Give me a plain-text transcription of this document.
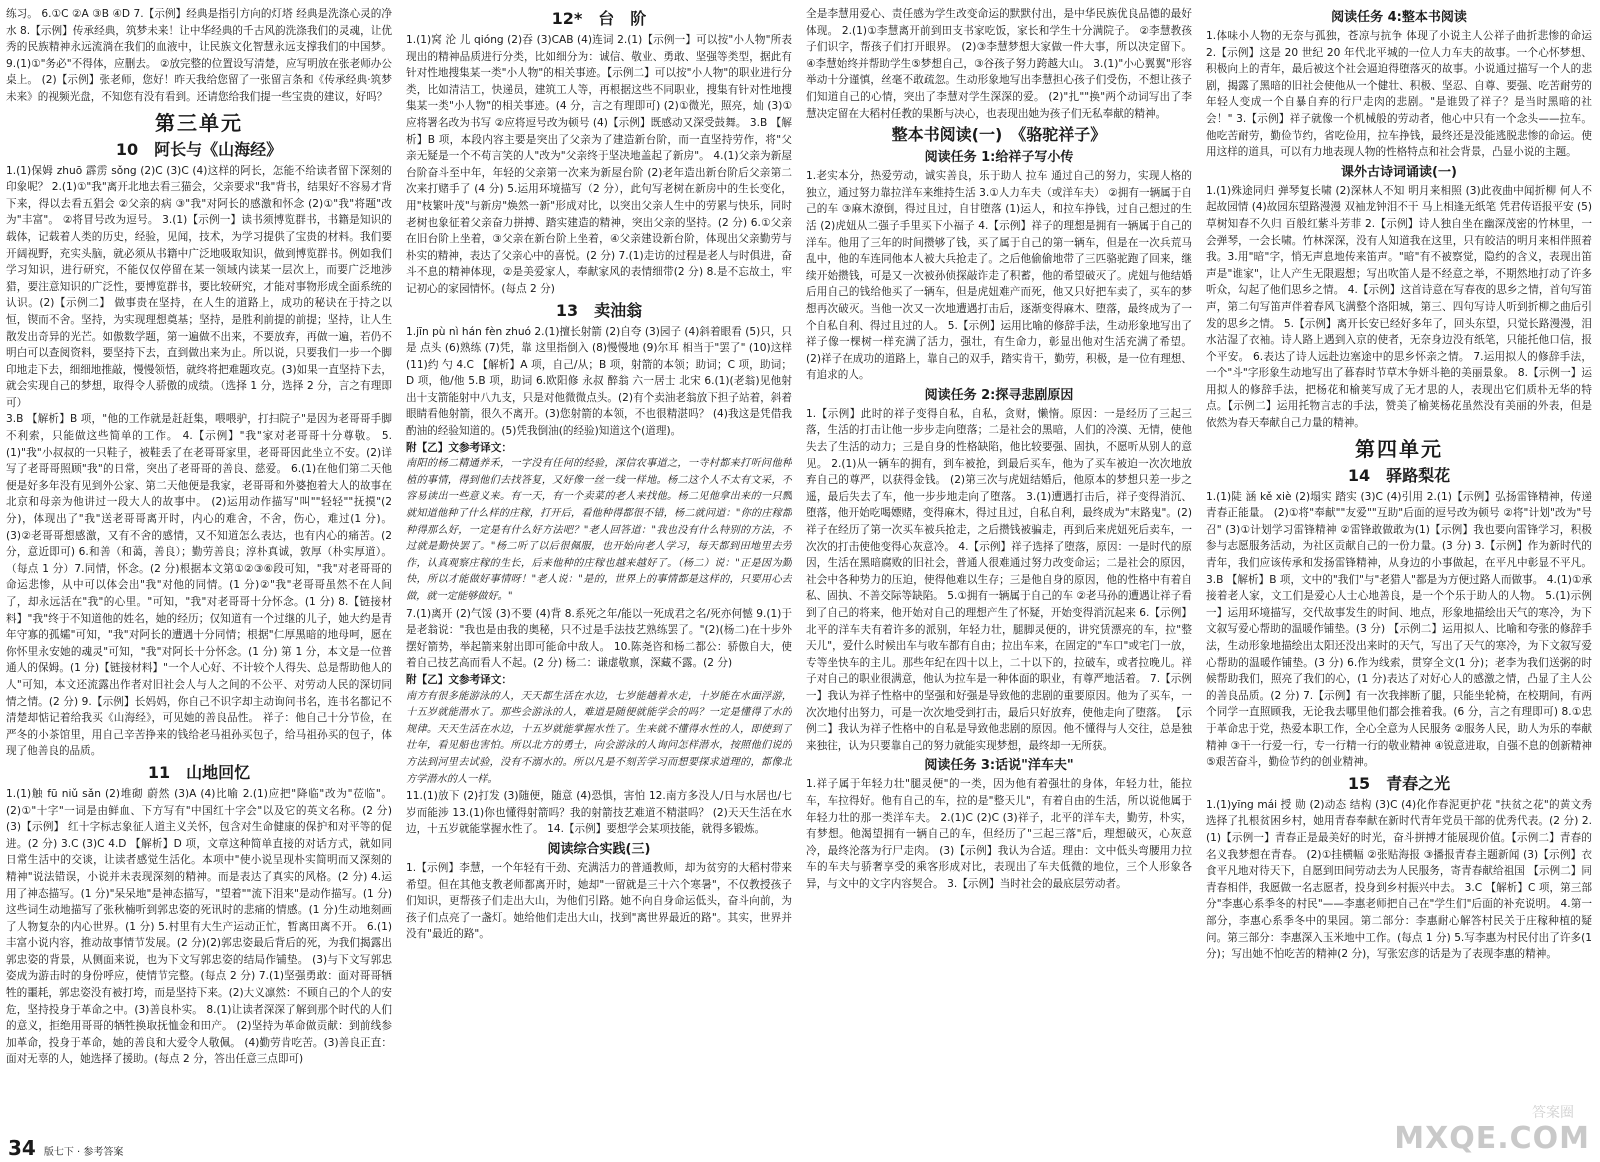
练习。 6.①C ②A ③B ④D 7.【示例】经典是指引方向的灯塔 经典是洗涤心灵的净水 8.【示例】传承经典，筑梦未来！让中华经典的千古风韵洗涤我们的灵魂，让优秀的民族精神永远流淌在我们的血液中，让民族文化智慧永远支撑我们的中国梦。 9.(1)①"务必"不得体，应删去。 ②放完整的位置设写清楚，应写明放在张老师办公桌上。 (2)【示例】张老师，您好！昨天我给您留了一张留言条和《传承经典·筑梦未来》的视频光盘，不知您有没有看到。还请您给我们提一些宝贵的建议，好吗？

第三单元
10　阿长与《山海经》

1.(1)保姆 zhuō 霹雳 sǒng (2)C (3)C (4)这样的阿长，怎能不给读者留下深刻的印象呢？ 2.(1)①"我"离开北地去看三猫会，父亲要求"我"背书，结果好不容易才背下来，得以去看五猖会 ②父亲的病 ③"我"对阿长的感激和怀念 (2)①"我"将题"改为"丰富"。 ②将冒号改为逗号。 3.(1)【示例一】读书须博览群书，书籍是知识的载体，记载着人类的历史，经验，见闻，技术，为学习提供了宝贵的材料。我们要开阔视野，充实头脑，就必须从书籍中广泛地吸取知识，做到博览群书。例如我们学习知识，进行研究，不能仅仅停留在某一领域内读某一层次上，而要广泛地涉猎，要注意知识的广泛性，要博览群书，要比较研究，才能对事物形成全面系统的认识。(2)【示例二】 做事贵在坚持，在人生的道路上，成功的秘诀在于持之以恒，锲而不舍。坚持，为实现理想奠基；坚持，是胜利前提的前提；坚持，让人生散发出奇异的光芒。如傲数学题，第一遍做不出来，不要放弃，再做一遍，若仍不明白可以查阅资料，要坚持下去，直到做出来为止。所以说，只要我们一步一个脚印地走下去，细细地推敲，慢慢领悟，就终将把难题攻克。(3)如果一直坚持下去，就会实现自己的梦想，取得令人骄傲的成绩。（选择 1 分，选择 2 分，言之有理即可）

3.B 【解析】B 项，"他的工作就是赶赶集，喂喂驴，打扫院子"是因为老哥哥手脚不利索，只能做这些简单的工作。 4.【示例】"我"家对老哥哥十分尊敬。 5.(1)"我"小叔叔的一只鞋子，被鞋丢了在老哥哥家里，老哥哥因此坐立不安。(2)详写了老哥哥照顾"我"的日常，突出了老哥哥的善良、慈爱。 6.(1)在他们第二天他便是好多年没有见到外公家、第二天他便是我家，老哥哥和外婆抱着大人的故事在北京和母亲为他讲过一段大人的故事中。 (2)运用动作描写"叫""轻轻""抚摸"(2 分)，体现出了"我"送老哥哥离开时，内心的难舍，不舍，伤心，难过(1 分)。 (3)②老哥哥想感激，又有不舍的感情，又不知道怎么表达，也有内心的痛苦。(2 分，意近即可) 6.和善（和蔼，善良）；勤劳善良；淳朴真诚，敦厚（朴实厚道）。（每点 1 分）7.同情，怀念。(2 分)根据本文第①②③⑥段可知，"我"对老哥哥的命运悲惨，从中可以体会出"我"对他的同情。(1 分)②"我"老哥哥虽然不在人间了，却永远活在"我"的心里。"可知，"我"对老哥哥十分怀念。(1 分) 8.【链接材料】"我"终于不知道他的姓名，她的经历；仅知道有一个过继的儿子，她大约是青年守寡的孤孀"可知，"我"对阿长的遭遇十分同情；根据"仁厚黑暗的地母呵，愿在你怀里永安她的魂灵"可知，"我"对阿长十分怀念。(1 分) 第 1 分，本文是一位普通人的保姆。(1 分)【链接材料】"一个人心好、不计较个人得失、总是帮助他人的人"可知，本文还流露出作者对旧社会人与人之间的不公平、对劳动人民的深切同情之情。(2 分) 9.【示例】长妈妈，你自己不识字却主动询问书名，连书名都记不清楚却惦记着给我买《山海经》，可见她的善良品性。 祥子：他自己十分节俭，在严冬的小茶馆里，用自己辛苦挣来的钱给老马祖孙买包子，给马祖孙买的包子，体现了他善良的品质。

11　山地回忆

1.(1)触 fū niǔ sǎn (2)堆砌 蔚然 (3)A (4)比喻 2.(1)应把"降临"改为"莅临"。 (2)①"十字"一词是由鲜血、下方写有"中国红十字会"以及它的英文名称。(2 分) (3)【示例】 红十字标志象征人道主义关怀，包含对生命健康的保护和对平等的促进。(2 分) 3.C (3)C 4.D 【解析】D 项，文章这种简单直接的对话方式，就如同日常生活中的交谈，让读者感觉生活化。本项中"使小说呈现朴实简明而又深刻的精神"说法错误，小说并未表现深刻的精神。而是表达了真实的风格。(2 分) 4.运用了神态描写。(1 分)"呆呆地"是神态描写，"望着""流下泪来"是动作描写。(1 分)这些词生动地描写了张秋楠听到郭忠姿的死讯时的悲痛的情感。(1 分)生动地刻画了人物复杂的内心世界。(1 分) 5.村里有大生产运动正忙，暂离田离不开。 6.(1)丰富小说内容，推动故事情节发展。(2 分)(2)郭忠姿最后背后的死，为我们揭露出郭忠姿的背景，从侧面来说，也为下文写郭忠姿的结局作铺垫。 (3)与下文写郭忠姿成为游击时的身份呼应，使情节完整。(每点 2 分) 7.(1)坚强勇敢：面对哥哥牺牲的噩耗，郭忠姿没有被打垮，而是坚持下来。(2)大义凛然：不顾自己的个人的安危，坚持投身于革命之中。(3)善良朴实。 8.(1)让读者深深了解到那个时代的人们的意义，拒绝用哥哥的牺牲换取抚恤金和田产。 (2)坚持为革命做贡献：到前线参加革命，投身于革命，她的善良和大爱令人敬佩。 (4)勤劳肯吃苦。(3)善良正直：面对无辜的人，她选择了援助。(每点 2 分，答出任意三点即可)

12*　台　阶

1.(1)窝 沦 儿 qióng (2)吞 (3)CAB (4)连词 2.(1)【示例一】可以按"小人物"所表现出的精神品质进行分类，比如细分为：诚信、敬业、勇敢、坚强等类型，据此有针对性地搜集某一类"小人物"的相关事迹。【示例二】可以按"小人物"的职业进行分类，比如清洁工，快递员，建筑工人等，再根据这些不同职业，搜集有针对性地搜集某一类"小人物"的相关事迹。(4 分，言之有理即可) (2)①微光，照亮，灿 (3)①应将署名改为书写 ②应将逗号改为顿号 (4)【示例】既感动又深受鼓舞。 3.B 【解析】B 项，本段内容主要是突出了父亲为了建造新台阶，而一直坚持劳作，将"父亲无疑是一个不苟言笑的人"改为"父亲终于坚决地盖起了新房"。 4.(1)父亲为新屋台阶奋斗至中年，年轻的父亲第一次来为新屋台阶 (2)老年造出新台阶后父亲第二次来打赌手了 (4 分) 5.运用环境描写（2 分），此句写老树在新房中的生长变化，用"枝繁叶茂"与新房"焕然一新"形成对比，以突出父亲人生中的劳累与快乐，同时老树也象征着父亲奋力拼搏、踏实建造的精神，突出父亲的坚持。(2 分) 6.①父亲在旧台阶上坐着，③父亲在新台阶上坐着，④父亲建设新台阶，体现出父亲勤劳与朴实的精神，表达了父亲心中的喜悦。(2 分) 7.(1)走访的过程是老人与时俱进，奋斗不息的精神体现，②是美爱家人，奉献家风的表情细带(2 分) 8.是不忘故土，牢记初心的家园情怀。(每点 2 分)

13　卖油翁

1.jīn pù nì hán fèn zhuó 2.(1)擅长射箭 (2)自夸 (3)园子 (4)斜着眼看 (5)只，只是 点头 (6)熟练 (7)凭，靠 这里指倒入 (8)慢慢地 (9)尔耳 相当于"罢了" (10)这样 (11)约 勺 4.C 【解析】A 项，自己/从；B 项，射箭的本领；助词；C 项，助词；D 项，他/他 5.B 项，助词 6.欧阳修 永叔 醉翁 六一居士 北宋 6.(1)(老翁)见他射出十支箭能射中八九支，只是对他微微点头。(2)有个卖油老翁放下担子站着，斜着眼睛看他射箭，很久不离开。(3)您射箭的本领，不也很精湛吗？ (4)我这是凭借我酌油的经验知道的。(5)凭我倒油(的经验)知道这个(道理)。

附【乙】文参考译文：

南阳的杨二精通养禾，一字没有任何的经验，深信农事道之，一寺村都来打听问他种植的事情，得到他们去找答复，又好像一丝一线一样地。杨二这个人不太有文采，不容易读出一些意义来。有一天，有一个卖菜的老人来找他。杨二见他拿出来的一只瓢就知道他种了什么样的庄稼，打开后，看他种得都很不错，杨二就问道："你的庄稼都种得那么好，一定是有什么好方法吧？"老人回答道："我也没有什么特别的方法，不过就是勤快罢了。"杨二听了以后很佩服，也开始向老人学习，每天都到田地里去劳作，认真观察庄稼的生长，后来他种的庄稼也越来越好了。（杨二）说："正是因为勤快，所以才能做好事情呀！"老人说："是的，世界上的事情都是这样的，只要用心去做，就一定能够做好。"

7.(1)离开 (2)气馁 (3)不要 (4)背 8.系死之年/能以一死成君之名/死亦何憾 9.(1)于是老翁说："我也是由我的奥秘，只不过是手法技艺熟练罢了。"(2)(杨二)在十步外摆好箭势，举起箭来射出即可能命中敌人。 10.陈尧咨和杨二都公：骄傲自大，使着自己技艺高而看人不起。(2 分) 杨二：谦虚敬禀，深藏不露。(2 分)

附【乙】文参考译文：

南方有很多能游泳的人，天天都生活在水边，七岁能趟着水走，十岁能在水面浮游，十五岁就能潜水了。那些会游泳的人，难道是随便就能学会的吗？一定是懂得了水的规律。天天生活在水边，十五岁就能掌握水性了。生来就不懂得水性的人，即使到了壮年，看见船也害怕。所以北方的勇士，向会游泳的人询问怎样潜水，按照他们说的方法到河里去试验，没有不溺水的。所以凡是不刻苦学习而想要探求道理的，都像北方学潜水的人一样。

11.(1)放下 (2)打发 (3)随便，随意 (4)恐惧，害怕 12.南方多没人/日与水居也/七岁而能涉 13.(1)你也懂得射箭吗？我的射箭技艺难道不精湛吗？ (2)天天生活在水边，十五岁就能掌握水性了。 14.【示例】要想学会某项技能，就得多锻炼。

阅读综合实践(三)

1.【示例】李慧，一个年轻有干劲、充满活力的普通教师，却为贫穷的大稻村带来希望。但在其他支教老师都离开时，她却"一留就是三十六个寒暑"，不仅教授孩子们知识，更帮孩子们走出大山，为他们引路。她不向自身命运低头，奋斗向前，为孩子们点亮了一盏灯。她给他们走出大山，找到"离世界最近的路"。其实，世界并没有"最近的路"。

全是李慧用爱心、责任感为学生改变命运的默默付出，是中华民族优良品德的最好体现。 2.(1)①李慧离开前到田支书家吃饭，家长和学生十分满院子。 ②李慧教孩子们识字，帮孩子们打开眼界。 (2)③李慧梦想大家做一件大事，所以决定留下。 ④李慧始终并帮助学生⑤梦想自己，③谷孩子努力跨越大山。 3.(1)"小心翼翼"形容举动十分谨慎，丝毫不敢疏忽。生动形象地写出李慧担心孩子们受伤，不想让孩子们知道自己的心情，突出了李慧对学生深深的爱。 (2)"扎""换"两个动词写出了李慧决定留在大稻村任教的果断与决心，也表现出她为孩子们无私奉献的精神。

整本书阅读(一)　《骆驼祥子》
阅读任务 1:给祥子写小传

1.老实本分，热爱劳动，诚实善良，乐于助人 拉车 通过自己的努力，实现人格的独立，通过努力靠拉洋车来维持生活 3.①人力车夫（或洋车夫） ②拥有一辆属于自己的车 ③麻木潦倒，得过且过，自甘堕落 (1)运人，和拉车挣钱，过自己想过的生活 (2)虎妞从二强子手里买下小福子 4.【示例】祥子的理想是拥有一辆属于自己的洋车。他用了三年的时间攒够了钱，买了属于自己的第一辆车，但是在一次兵荒马乱中，他的车连同他本人被大兵抢走了。之后他偷偷地带了三匹骆驼跑了回来，继续开始攒钱，可是又一次被孙侦探敲诈走了积蓄，他的希望破灭了。虎妞与他结婚后用自己的钱给他买了一辆车，但是虎妞难产而死，他又只好把车卖了，买车的梦想再次破灭。当他一次又一次地遭遇打击后，逐渐变得麻木、堕落，最终成为了一个自私自利、得过且过的人。 5.【示例】运用比喻的修辞手法，生动形象地写出了祥子像一棵树一样充满了活力，强壮，有生命力，彰显出他对生活充满了希望。 (2)祥子在成功的道路上，靠自己的双手，踏实肯干，勤劳，积极，是一位有理想、有追求的人。

阅读任务 2:探寻悲剧原因

1.【示例】此时的祥子变得自私，自私，贪财，懒惰。原因：一是经历了三起三落，生活的打击让他一步步走向堕落；二是社会的黑暗，人们的冷漠、无情，使他失去了生活的动力；三是自身的性格缺陷，他比较要强、固执，不愿听从别人的意见。 2.(1)从一辆车的拥有，到车被抢，到最后买车，他为了买车被迫一次次地放弃自己的尊严，以获得金钱。 (2)第三次与虎妞结婚后，他原本的梦想只差一步之遥，最后失去了车，他一步步地走向了堕落。 3.(1)遭遇打击后，祥子变得消沉、堕落，他开始吃喝嫖赌，变得麻木，得过且过，自私自利，最终成为"末路鬼"。(2)祥子在经历了第一次买车被兵抢走，之后攒钱被骗走，再到后来虎妞死后卖车，一次次的打击使他变得心灰意冷。 4.【示例】祥子选择了堕落，原因：一是时代的原因，生活在黑暗腐败的旧社会，普通人很难通过努力改变命运；二是社会的原因，社会中各种势力的压迫，使得他难以生存；三是他自身的原因，他的性格中有着自私、固执、不善交际等缺陷。 5.①拥有一辆属于自己的车 ②老马孙的遭遇让祥子看到了自己的将来，他开始对自己的理想产生了怀疑，开始变得消沉起来 6.【示例】北平的洋车夫有着许多的派别，年轻力壮，腿脚灵便的，讲究赁漂亮的车，拉"整天儿"，爱什么时候出车与收车都有自由；拉出车来，在固定的"车口"或宅门一放，专等坐快车的主儿。那些年纪在四十以上，二十以下的，拉破车，或者拉晚儿。祥子对自己的职业很满意，他认为拉车是一种体面的职业，有尊严地活着。 7.【示例一】我认为祥子性格中的坚强和好强是导致他的悲剧的重要原因。他为了买车，一次次地付出努力，可是一次次地受到打击，最后只好放弃，使他走向了堕落。 【示例二】我认为祥子性格中的自私是导致他悲剧的原因。他不懂得与人交往，总是独来独往，认为只要靠自己的努力就能实现梦想，最终却一无所获。

阅读任务 3:话说"洋车夫"

1.祥子属于年轻力壮"腿灵便"的一类，因为他有着强壮的身体，年轻力壮，能拉车，车拉得好。他有自己的车，拉的是"整天儿"，有着自由的生活，所以说他属于年轻力壮的那一类洋车夫。 2.(1)C (2)C (3)祥子，北平的洋车夫，勤劳，朴实，有梦想。他渴望拥有一辆自己的车，但经历了"三起三落"后，理想破灭，心灰意冷，最终沦落为行尸走肉。 (3)【示例】我认为合适。理由：文中低头弯腰用力拉车的车夫与骄奢享受的乘客形成对比，表现出了车夫低微的地位，三个人形象各异，与文中的文字内容契合。 3.【示例】当时社会的最底层劳动者。

阅读任务 4:整本书阅读

1.体味小人物的无奈与孤独，苍凉与抗争 体现了小说主人公祥子曲折悲惨的命运 2.【示例】这是 20 世纪 20 年代北平城的一位人力车夫的故事。一个心怀梦想、积极向上的青年，最后被这个社会逼迫得堕落灭的故事。小说通过描写一个人的悲剧，揭露了黑暗的旧社会使他从一个健壮、积极、坚忍、自尊、要强、吃苦耐劳的年轻人变成一个自暴自弃的行尸走肉的悲剧。"是谁毁了祥子？是当时黑暗的社会！" 3.【示例】祥子就像一个机械般的劳动者，他心中只有一个念头——拉车。他吃苦耐劳，勤俭节约，省吃俭用，拉车挣钱，最终还是没能逃脱悲惨的命运。使用这样的道具，可以有力地表现人物的性格特点和社会背景，凸显小说的主题。

课外古诗词诵读(一)

1.(1)殊途同归 弹琴复长啸 (2)深林人不知 明月来相照 (3)此夜曲中闻折柳 何人不起故园情 (4)故园东望路漫漫 双袖龙钟泪不干 马上相逢无纸笔 凭君传语报平安 (5)草树知春不久归 百般红紫斗芳菲 2.【示例】诗人独自坐在幽深茂密的竹林里，一会弹琴，一会长啸。竹林深深，没有人知道我在这里，只有皎洁的明月来相伴照着我。3.用"暗"字，悄无声息地传来笛声。"暗"有不被察觉，隐约的含义，表现出笛声是"谁家"，让人产生无限遐想；写出吹笛人是不经意之举，不期然地打动了许多听众，勾起了他们思乡之情。 4.【示例】这首诗意在写春夜的思乡之情，首句写笛声，第二句写笛声伴着春风飞满整个洛阳城，第三、四句写诗人听到折柳之曲后引发的思乡之情。 5.【示例】离开长安已经好多年了，回头东望，只觉长路漫漫，泪水沾湿了衣袖。诗人路上遇到入京的使者，无奈身边没有纸笔，只能托他口信，报个平安。 6.表达了诗人远赴边塞途中的思乡怀亲之情。 7.运用拟人的修辞手法，一个"斗"字形象生动地写出了暮春时节草木争妍斗艳的美丽景象。 8.【示例一】运用拟人的修辞手法，把杨花和榆荚写成了无才思的人，表现出它们质朴无华的特点。【示例二】运用托物言志的手法，赞美了榆荚杨花虽然没有美丽的外表，但是依然为春天奉献自己力量的精神。

第四单元
14　驿路梨花

1.(1)陡 涵 kě xiè (2)塌实 踏实 (3)C (4)引用 2.(1)【示例】弘扬雷锋精神，传递青春正能量。 (2)①将"奉献""友爱""互助"后面的逗号改为顿号 ②将"计划"改为"号召" (3)①计划学习雷锋精神 ②雷锋敢做敢为(1)【示例】我也要向雷锋学习，积极参与志愿服务活动，为社区贡献自己的一份力量。(3 分) 3.【示例】作为新时代的青年，我们应该传承和发扬雷锋精神，从身边的小事做起，在平凡中彰显不平凡。 3.B 【解析】B 项，文中的"我们"与"老猎人"都是为方便过路人而做事。 4.(1)①承接着老人家，文工们是爱心人士心地善良，是一个个乐于助人的人物。 5.(1)示例一】运用环境描写，交代故事发生的时间、地点，形象地描绘出天气的寒冷，为下文叙写爱心帮助的温暖作铺垫。(3 分) 【示例二】运用拟人、比喻和夸张的修辞手法，生动形象地描绘出太阳还没出来时的天气，写出了天气的寒冷，为下文叙写爱心帮助的温暖作铺垫。(3 分) 6.作为线索，贯穿全文(1 分)；老李为我们送粥的时候帮助我们，照亮了我们的心，(1 分)表达了对好心人的感激之情，凸显了主人公的善良品质。(2 分) 7.【示例】有一次我摔断了腿，只能坐轮椅，在校期间，有两个同学一直照顾我，无论我去哪里他们都会推着我。(6 分，言之有理即可) 8.①忠于革命忠于党，热爱本职工作，全心全意为人民服务 ②服务人民，助人为乐的奉献精神 ③干一行爱一行，专一行精一行的敬业精神 ④锐意进取，自强不息的创新精神 ⑤艰苦奋斗，勤俭节约的创业精神。

15　青春之光

1.(1)yīng mái 授 勋 (2)动态 结构 (3)C (4)化作春泥更护花 "扶贫之花"的黄文秀选择了扎根贫困乡村，她用青春奉献在新时代青年党员干部的优秀代表。(2 分) 2.(1)【示例一】青春正是最美好的时光，奋斗拼搏才能展现价值。【示例二】青春的名义我梦想在青春。 (2)①挂横幅 ②张贴海报 ③播报青春主题新闻 (3)【示例】衣食平凡地对待天下，自愿到田间劳动去为人民服务，寄青春献给祖国 【示例二】同青春相伴，我愿做一名志愿者，投身到乡村振兴中去。 3.C 【解析】C 项，第三部分"李惠心系季冬的村民"——李惠老师把自己在"学生们"后面的补充说明。 4.第一部分，李惠心系季冬中的果园。第二部分：李惠耐心解答村民关于庄稼种植的疑问。第三部分：李惠深入玉米地中工作。(每点 1 分) 5.写李惠为村民付出了许多(1 分)；写出她不怕吃苦的精神(2 分)，写张宏彦的话是为了表现李惠的精神。

34 版七下 · 参考答案
答案圈
MXQE.COM
